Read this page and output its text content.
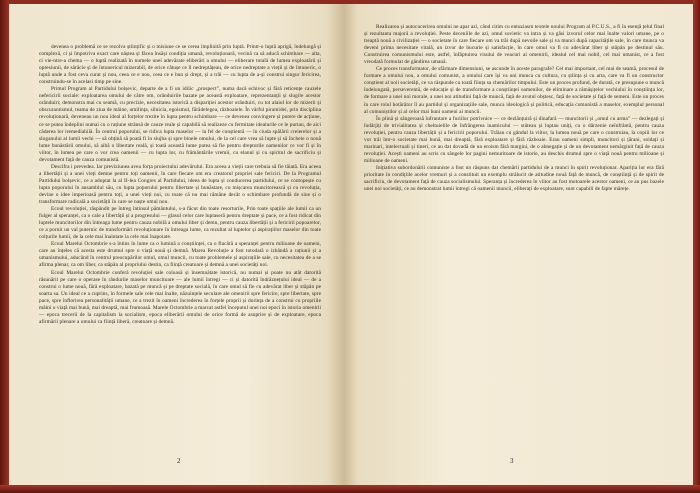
devenea o problemă ce se rezolva științific și o misiune ce se cerea împlinită prin luptă. Printr-o luptă aprigă, îndelungă și complexă, ci și împotriva exact care năștea și făcea însăși condiția umană, revoluționară, vecină ca să aducă schimbare — alta, ci vie-ntre-a chema — o luptă realizată în numele unei adevărate eliberări a omului — eliberare totală de lumea exploatării și opresiunii, de sărăcie și de întunericul mizerabil, de orice cătușe ce îl nedreptățeau, de orice nedreptate a vieții și de întuneric, o luptă unde a fost ceva curat și nou, ceea ce e nou, ceea ce e bun și drept, și a trăi — cu lupta de a-și construi singur fericirea, construindu-se în acelasi timp pe sine.

Primul Program al Partidului bolșevic, departe de a fi un idilic „prospect”, numa dacă echivoc și fără reticențe cauzele nefericirii sociale: exploatarea omului de către om, orânduirile bazate pe această exploatare, reprezentanții și slugile acestor orânduiri; demonstra mai cu seamă, cu precizie, necesitatea istorică a dispariției acestor orânduiri, cu tot alaiul lor de mizerii și obscurantismul, teama de ziua de mâine, umilința, silnicia, egoismul, fărădelegea, războaiele. În vârful piramidei, prin disciplina revoluționară, deveneau un nou ideal al forțelor trezite în lupta pentru schimbare — ce devenea convingere și putere de acțiune, ce se putea îndeplini numai cu o rațiune strânsă de cauze reale și capabilă să realizeze cu fermitate idealurile ce le purtau, de aici căderea lor iremediabilă. În centrul poporului, se ridica lupta maselor — la fel de conștientă — în ciuda spălării creierelor și a sloganului al lumii vechi — să obțină să poată fi în slujba și spre binele omului, de la cel care vrea să lupte și să încheie o nouă lume bunăstării omului, să aibă o libertate reală, și toată această lume putea să fie pentru drepturile oamenilor ce vor fi și în viitor, în lumea pe care o vor crea oamenii — cu lupta lor, cu frământările vremii, cu elanul și cu spiritul de sacrificiu și devotament față de cauza comunistă.

Descifra i prevedea. Iar previziunea avea forța proiectului adevărului. Era aceea a vieții care trebuia să fie tăiată. Era aceea a libertății și a unei vieți demne pentru toți oamenii, în care fiecare om era creatorul propriei sale fericiri. De la Programul Partidului bolșevic, ce a adoptat la al II-lea Congres al Partidului, ideea de lupta și conducerea partidului, ce se contopește cu lupta poporului în ansamblul său, cu lupta poporului pentru libertate și bunăstare, cu mișcarea muncitorească și cu revoluția, devine o idee imperioasă pentru toți, a unei vieți noi, cu toate că nu mai rămâne decât o schimbare profundă de sine și o transformare radicală a societății în care se naște omul nou.

Ecoul revoluției, răspândit pe întreg întinsul pământului, s-a făcut din toate resorturile, Prin toate spațiile ale lumii ca un fulger al speranței, ca o cale a libertății și a progresului — glasul celor care luptaseră pentru dreptate și pace, ce a fost ridicat din luptele muncitorilor din întreaga lume pentru cauza nobilă a omului liber și demn, pentru cauza libertății și a fericirii popoarelor, ce a pornit un val puternic de transformări revoluționare în întreaga lume, ca rezultat al luptelor și aspirațiilor maselor din toate colțurile lumii, de la cele mai înaintate la cele mai înapoiate.

Ecoul Marelui Octombrie s-a întins în lume ca o lumină a conștiinței, ca o flacără a speranței pentru milioane de oameni, care au înțeles că acesta este drumul spre o viață nouă și demnă. Marea Revoluție a fost totodată o izbândă a rațiunii și a umanismului, aducând în centrul preocupărilor omul, omul muncii, cu toate problemele și aspirațiile sale, cu necesitatea de a se afirma plenar, ca om liber, ca stăpân al propriului destin, ca ființă creatoare și demnă a unei societăți noi.

Ecoul Marelui Octombrie conferă revoluției sale coloasă și însemnătate istorică, nu numai și poate nu atât datorită răsunării pe care o operase în rândurile maselor muncitoare — ale lumii întregi — ci și datorită îndrăznețului ideal — de a construi o lume nouă, fără exploatare, bazată pe muncă și pe dreptate socială, în care omul să fie cu adevărat liber și stăpân pe soarta sa. Un ideal ce a cuprins, în formele sale cele mai înalte, năzuințele seculare ale omenirii spre fericire, spre libertate, spre pace, spre înflorirea personalității umane, ce a trezit în oameni încrederea în forțele proprii și dorința de a construi cu propriile mâini o viață mai bună, mai dreaptă, mai frumoasă. Marele Octombrie a marcat astfel începutul unei noi epoci în istoria omenirii — epoca trecerii de la capitalism la socialism, epoca eliberării omului de orice formă de asuprire și de exploatare, epoca afirmării plenare a omului ca ființă liberă, creatoare și demnă.

2

Realizarea și autocucerirea omului ne apar azi, când citim cu entuziasm textele noului Program al P.C.U.S., a fi în esență țelul final și rezultanta majoră a revoluției. Peste deceniile de azi, omul sovietic va intra și va găsi izvorul celor mai înalte valori umane, pe o treaptă nouă a civilizației — o societate în care fiecare om va trăi după nevoile sale și va munci după capacitățile sale, în care munca va deveni prima necesitate vitală, un izvor de bucurie și satisfacție, în care omul va fi cu adevărat liber și stăpân pe destinul său. Construirea comunismului este, astfel, înfăptuirea visului de veacuri al omenirii, idealul cel mai nobil, cel mai umanist, ce a fost vreodată formulat de gândirea umană.

Ce proces transformator, de sfărmare dimensiuni, se ascunde în aceste paragrafe? Cel mai important, cel mai de seamă, procesul de formare a omului nou, a omului comunist, a omului care își va uni munca cu cultura, cu știința și cu arta, care va fi un constructor conștient al noii societăți, ce va răspunde cu toată ființa sa chemărilor timpului. Este un proces profund, de durată, ce presupune o muncă îndelungată, perseverentă, de educație și de transformare a conștiinței oamenilor, de eliminare a rămășițelor vechiului în conștiința lor, de formare a unei noi morale, a unei noi atitudini față de muncă, față de avutul obștesc, față de societate și față de semeni. Este un proces în care rolul hotărâtor îl au partidul și organizațiile sale, munca ideologică și politică, educația comunistă a maselor, exemplul personal al comuniștilor și al celor mai buni oameni ai muncii.

În plină și sângeroasă înfruntare a furiilor potrivnice — ce dezlănțuiră și dinafară — muncitorii și „omul cu arma” — dezlegați și îndârjiți de trivialitatea și cheltuielile de înfrângerea inamicului — stăteau și luptau uniți, cu o dârzenie neînfrântă, pentru cauza revoluției, pentru cauza libertății și a fericirii poporului. Trăiau cu gândul la viitor, la lumea nouă pe care o construiau, la copiii lor ce vor trăi într-o societate mai bună, mai dreaptă, fără exploatare și fără războaie. Erau oameni simpli, muncitori și țărani, soldați și marinari, intelectuali și tineri, ce au dat dovadă de un eroism fără margini, de o abnegație și de un devotament nemărginit față de cauza revoluției. Acești oameni au scris cu sângele lor pagini nemuritoare de istorie, au deschis drumul spre o viață nouă pentru milioane și milioane de oameni.

Inițiativa subordonării comuniste a fost un răspuns dat chemării partidului de a munci în spirit revoluționar. Apariția lor era fără prioritate în condițiile acelor vremuri și a constituit un exemplu strălucit de atitudine nouă față de muncă, de conștiință și de spirit de sacrificiu, de devotament față de cauza socialismului. Speranța și încrederea în viitor au fost motoarele acestor oameni, ce au pus bazele unei noi societăți, ce au demonstrat lumii întregi că oamenii muncii, eliberați de exploatare, sunt capabili de fapte mărețe.

3
